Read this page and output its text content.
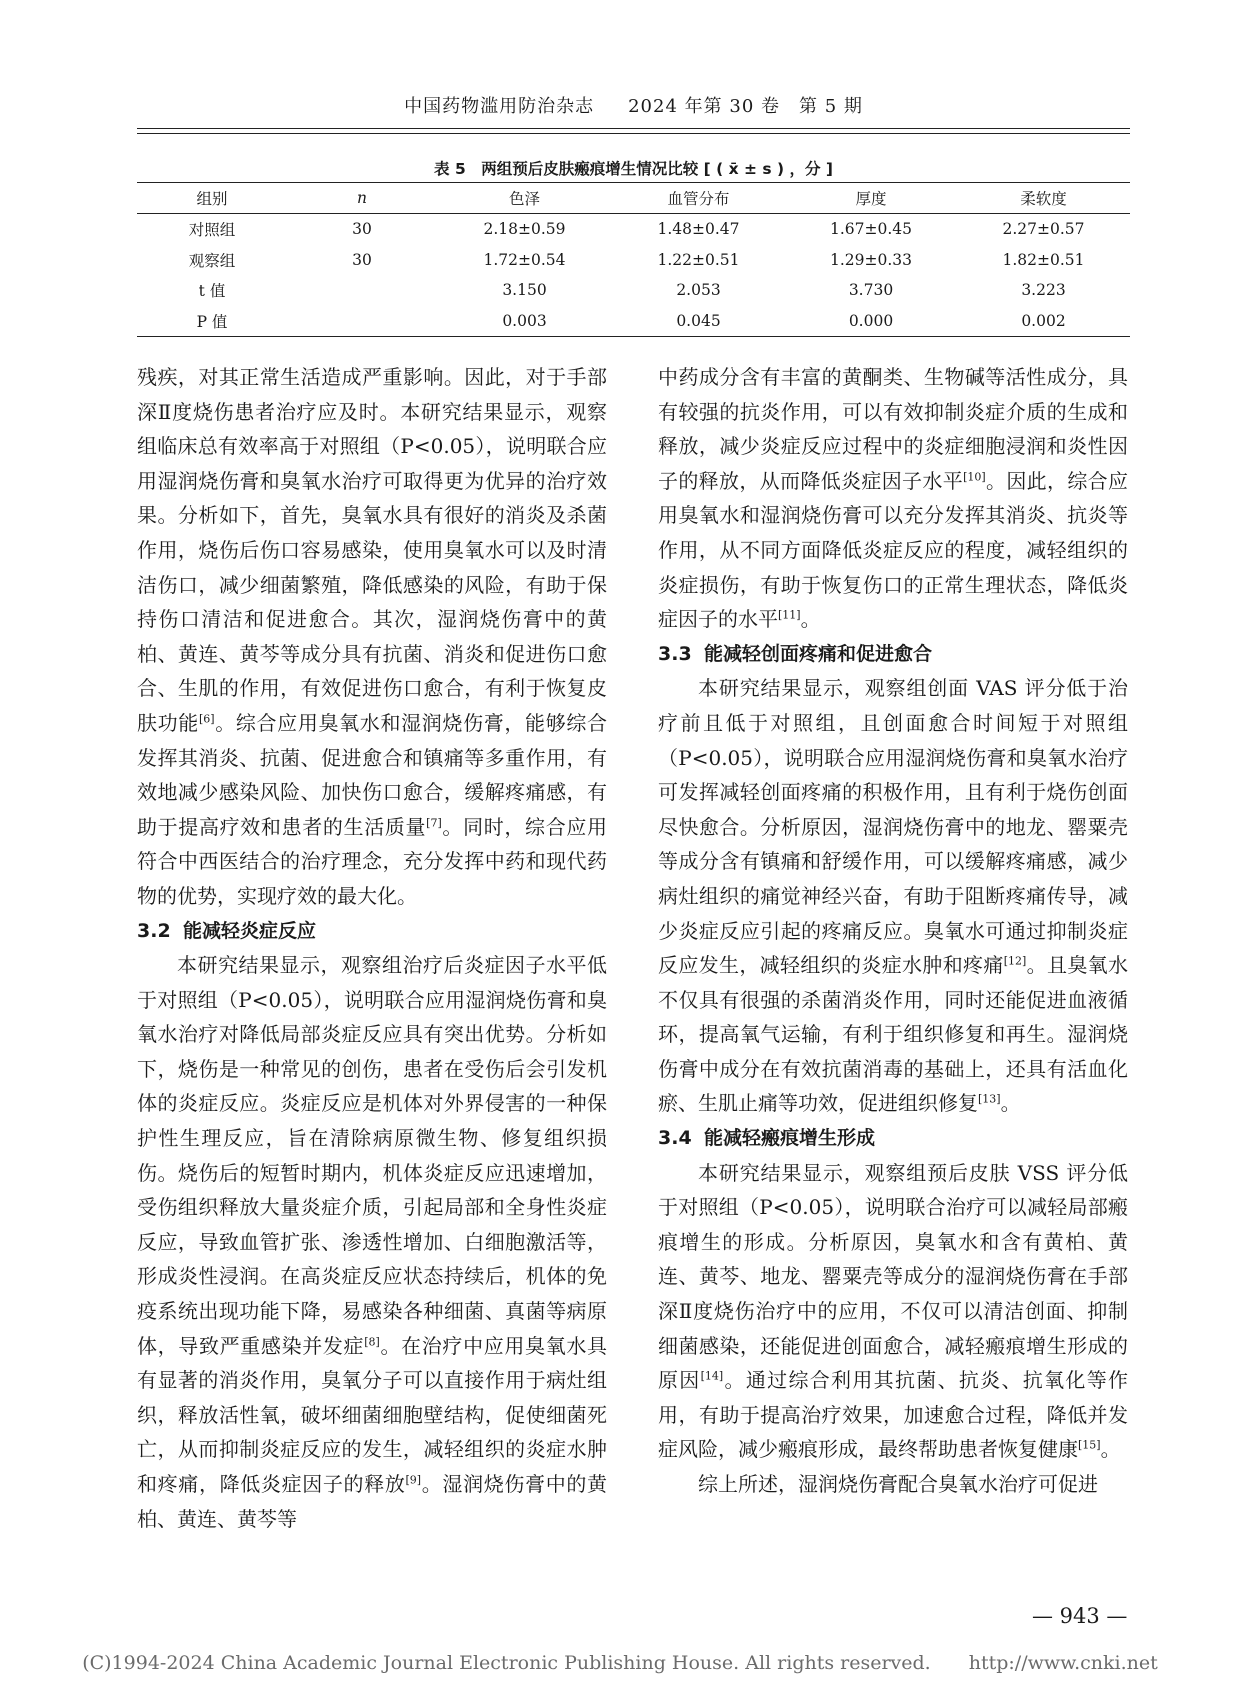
中国药物滥用防治杂志 2024 年第 30 卷　第 5 期
表 5　两组预后皮肤瘢痕增生情况比较 [ ( x̄ ± s ) ，分 ]
组别	n	色泽	血管分布	厚度	柔软度
对照组	30	2.18±0.59	1.48±0.47	1.67±0.45	2.27±0.57
观察组	30	1.72±0.54	1.22±0.51	1.29±0.33	1.82±0.51
t 值		3.150	2.053	3.730	3.223
P 值		0.003	0.045	0.000	0.002

残疾，对其正常生活造成严重影响。因此，对于手部深Ⅱ度烧伤患者治疗应及时。本研究结果显示，观察组临床总有效率高于对照组（P<0.05），说明联合应用湿润烧伤膏和臭氧水治疗可取得更为优异的治疗效果。分析如下，首先，臭氧水具有很好的消炎及杀菌作用，烧伤后伤口容易感染，使用臭氧水可以及时清洁伤口，减少细菌繁殖，降低感染的风险，有助于保持伤口清洁和促进愈合。其次，湿润烧伤膏中的黄柏、黄连、黄芩等成分具有抗菌、消炎和促进伤口愈合、生肌的作用，有效促进伤口愈合，有利于恢复皮肤功能[6]。综合应用臭氧水和湿润烧伤膏，能够综合发挥其消炎、抗菌、促进愈合和镇痛等多重作用，有效地减少感染风险、加快伤口愈合，缓解疼痛感，有助于提高疗效和患者的生活质量[7]。同时，综合应用符合中西医结合的治疗理念，充分发挥中药和现代药物的优势，实现疗效的最大化。

3.2 能减轻炎症反应

本研究结果显示，观察组治疗后炎症因子水平低于对照组（P<0.05），说明联合应用湿润烧伤膏和臭氧水治疗对降低局部炎症反应具有突出优势。分析如下，烧伤是一种常见的创伤，患者在受伤后会引发机体的炎症反应。炎症反应是机体对外界侵害的一种保护性生理反应，旨在清除病原微生物、修复组织损伤。烧伤后的短暂时期内，机体炎症反应迅速增加，受伤组织释放大量炎症介质，引起局部和全身性炎症反应，导致血管扩张、渗透性增加、白细胞激活等，形成炎性浸润。在高炎症反应状态持续后，机体的免疫系统出现功能下降，易感染各种细菌、真菌等病原体，导致严重感染并发症[8]。在治疗中应用臭氧水具有显著的消炎作用，臭氧分子可以直接作用于病灶组织，释放活性氧，破坏细菌细胞壁结构，促使细菌死亡，从而抑制炎症反应的发生，减轻组织的炎症水肿和疼痛，降低炎症因子的释放[9]。湿润烧伤膏中的黄柏、黄连、黄芩等

中药成分含有丰富的黄酮类、生物碱等活性成分，具有较强的抗炎作用，可以有效抑制炎症介质的生成和释放，减少炎症反应过程中的炎症细胞浸润和炎性因子的释放，从而降低炎症因子水平[10]。因此，综合应用臭氧水和湿润烧伤膏可以充分发挥其消炎、抗炎等作用，从不同方面降低炎症反应的程度，减轻组织的炎症损伤，有助于恢复伤口的正常生理状态，降低炎症因子的水平[11]。

3.3 能减轻创面疼痛和促进愈合

本研究结果显示，观察组创面 VAS 评分低于治疗前且低于对照组，且创面愈合时间短于对照组（P<0.05），说明联合应用湿润烧伤膏和臭氧水治疗可发挥减轻创面疼痛的积极作用，且有利于烧伤创面尽快愈合。分析原因，湿润烧伤膏中的地龙、罂粟壳等成分含有镇痛和舒缓作用，可以缓解疼痛感，减少病灶组织的痛觉神经兴奋，有助于阻断疼痛传导，减少炎症反应引起的疼痛反应。臭氧水可通过抑制炎症反应发生，减轻组织的炎症水肿和疼痛[12]。且臭氧水不仅具有很强的杀菌消炎作用，同时还能促进血液循环，提高氧气运输，有利于组织修复和再生。湿润烧伤膏中成分在有效抗菌消毒的基础上，还具有活血化瘀、生肌止痛等功效，促进组织修复[13]。

3.4 能减轻瘢痕增生形成

本研究结果显示，观察组预后皮肤 VSS 评分低于对照组（P<0.05），说明联合治疗可以减轻局部瘢痕增生的形成。分析原因，臭氧水和含有黄柏、黄连、黄芩、地龙、罂粟壳等成分的湿润烧伤膏在手部深Ⅱ度烧伤治疗中的应用，不仅可以清洁创面、抑制细菌感染，还能促进创面愈合，减轻瘢痕增生形成的原因[14]。通过综合利用其抗菌、抗炎、抗氧化等作用，有助于提高治疗效果，加速愈合过程，降低并发症风险，减少瘢痕形成，最终帮助患者恢复健康[15]。

综上所述，湿润烧伤膏配合臭氧水治疗可促进

— 943 —
(C)1994-2024 China Academic Journal Electronic Publishing House. All rights reserved.　　http://www.cnki.net
